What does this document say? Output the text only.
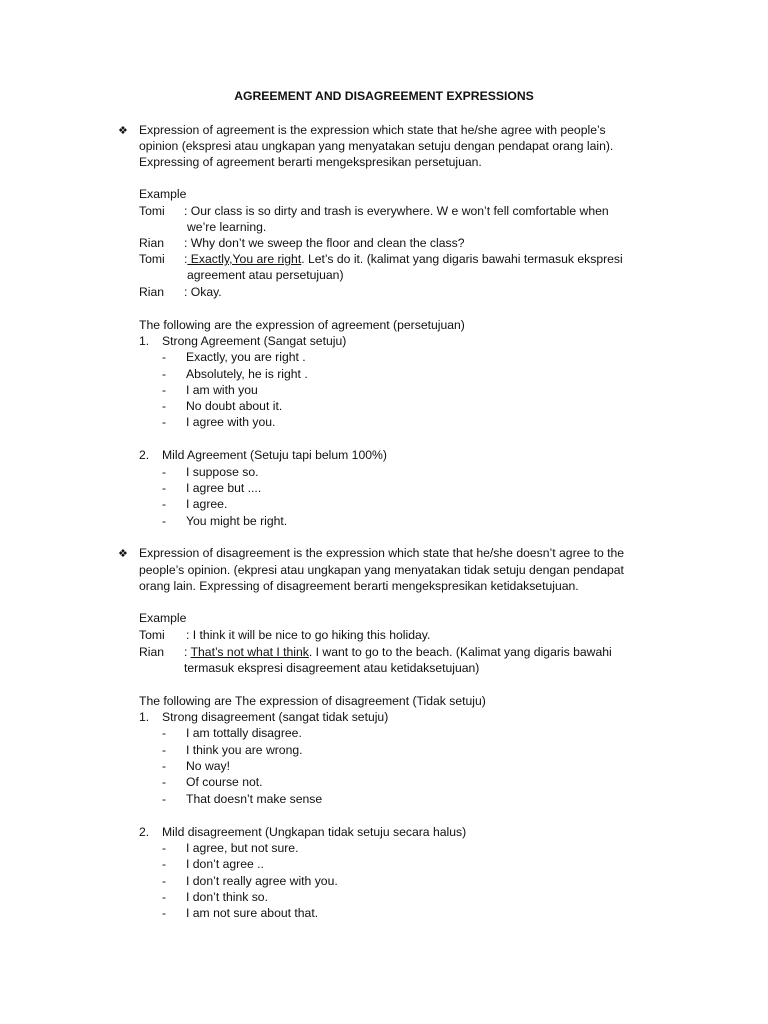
AGREEMENT AND DISAGREEMENT EXPRESSIONS
❖ Expression of agreement is the expression which state that he/she agree with people’s
opinion (ekspresi atau ungkapan yang menyatakan setuju dengan pendapat orang lain).
Expressing of agreement berarti mengekspresikan persetujuan.
Example
Tomi : Our class is so dirty and trash is everywhere. W e won’t fell comfortable when
we’re learning.
Rian : Why don’t we sweep the floor and clean the class?
Tomi : Exactly,You are right. Let’s do it. (kalimat yang digaris bawahi termasuk ekspresi
agreement atau persetujuan)
Rian : Okay.
The following are the expression of agreement (persetujuan)
1. Strong Agreement (Sangat setuju)
- Exactly, you are right .
- Absolutely, he is right .
- I am with you
- No doubt about it.
- I agree with you.
2. Mild Agreement (Setuju tapi belum 100%)
- I suppose so.
- I agree but ....
- I agree.
- You might be right.
❖ Expression of disagreement is the expression which state that he/she doesn’t agree to the
people’s opinion. (ekpresi atau ungkapan yang menyatakan tidak setuju dengan pendapat
orang lain. Expressing of disagreement berarti mengekspresikan ketidaksetujuan.
Example
Tomi : I think it will be nice to go hiking this holiday.
Rian : That’s not what I think. I want to go to the beach. (Kalimat yang digaris bawahi
termasuk ekspresi disagreement atau ketidaksetujuan)
The following are The expression of disagreement (Tidak setuju)
1. Strong disagreement (sangat tidak setuju)
- I am tottally disagree.
- I think you are wrong.
- No way!
- Of course not.
- That doesn’t make sense
2. Mild disagreement (Ungkapan tidak setuju secara halus)
- I agree, but not sure.
- I don’t agree ..
- I don’t really agree with you.
- I don’t think so.
- I am not sure about that.
